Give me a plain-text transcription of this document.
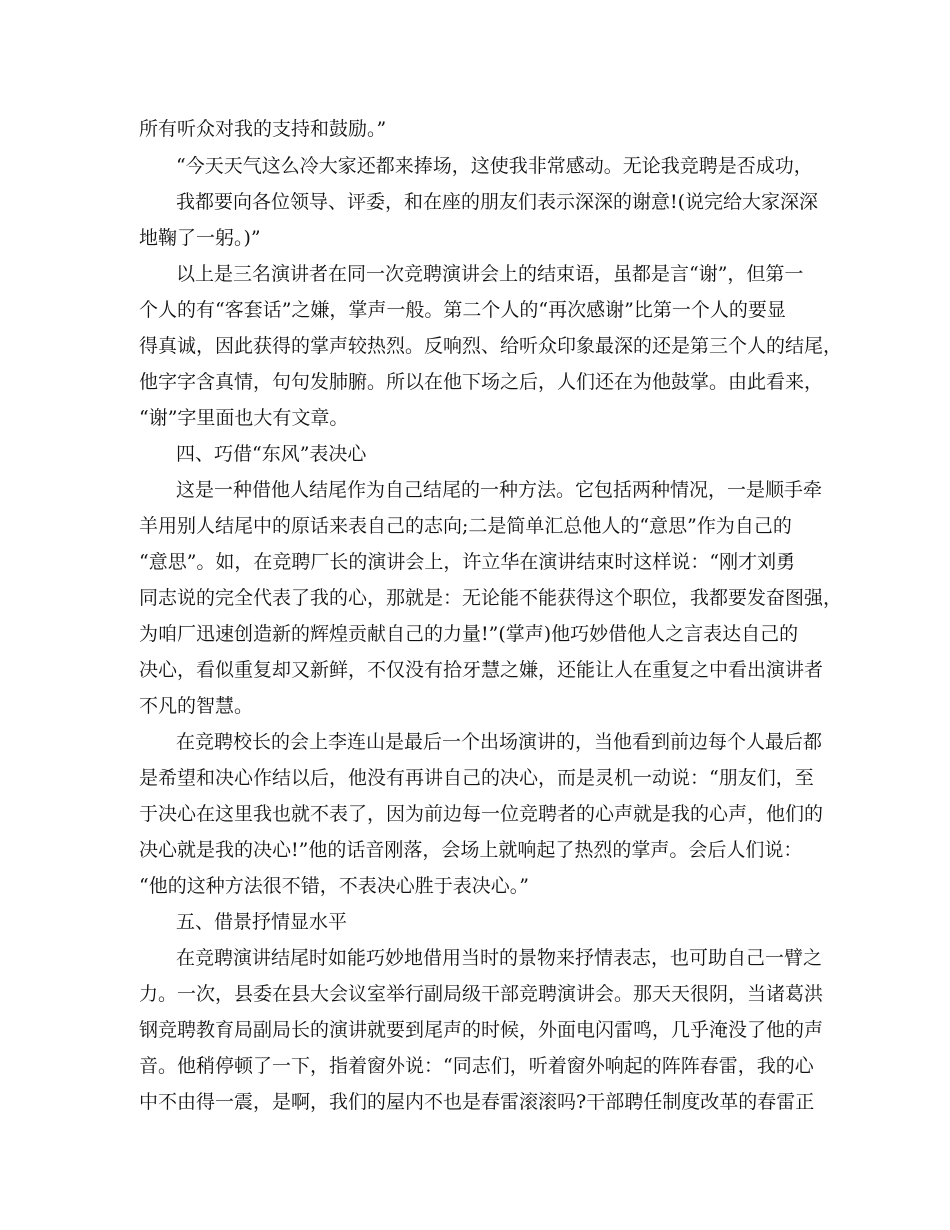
所有听众对我的支持和鼓励。”
“今天天气这么冷大家还都来捧场，这使我非常感动。无论我竞聘是否成功，
我都要向各位领导、评委，和在座的朋友们表示深深的谢意!(说完给大家深深
地鞠了一躬。)”
以上是三名演讲者在同一次竞聘演讲会上的结束语，虽都是言“谢”，但第一
个人的有“客套话”之嫌，掌声一般。第二个人的“再次感谢”比第一个人的要显
得真诚，因此获得的掌声较热烈。反响烈、给听众印象最深的还是第三个人的结尾，
他字字含真情，句句发肺腑。所以在他下场之后，人们还在为他鼓掌。由此看来，
“谢”字里面也大有文章。
四、巧借“东风”表决心
这是一种借他人结尾作为自己结尾的一种方法。它包括两种情况，一是顺手牵
羊用别人结尾中的原话来表自己的志向;二是简单汇总他人的“意思”作为自己的
“意思”。如，在竞聘厂长的演讲会上，许立华在演讲结束时这样说：“刚才刘勇
同志说的完全代表了我的心，那就是：无论能不能获得这个职位，我都要发奋图强，
为咱厂迅速创造新的辉煌贡献自己的力量!”(掌声)他巧妙借他人之言表达自己的
决心，看似重复却又新鲜，不仅没有拾牙慧之嫌，还能让人在重复之中看出演讲者
不凡的智慧。
在竞聘校长的会上李连山是最后一个出场演讲的，当他看到前边每个人最后都
是希望和决心作结以后，他没有再讲自己的决心，而是灵机一动说：“朋友们，至
于决心在这里我也就不表了，因为前边每一位竞聘者的心声就是我的心声，他们的
决心就是我的决心!”他的话音刚落，会场上就响起了热烈的掌声。会后人们说：
“他的这种方法很不错，不表决心胜于表决心。”
五、借景抒情显水平
在竞聘演讲结尾时如能巧妙地借用当时的景物来抒情表志，也可助自己一臂之
力。一次，县委在县大会议室举行副局级干部竞聘演讲会。那天天很阴，当诸葛洪
钢竞聘教育局副局长的演讲就要到尾声的时候，外面电闪雷鸣，几乎淹没了他的声
音。他稍停顿了一下，指着窗外说：“同志们，听着窗外响起的阵阵春雷，我的心
中不由得一震，是啊，我们的屋内不也是春雷滚滚吗?干部聘任制度改革的春雷正
